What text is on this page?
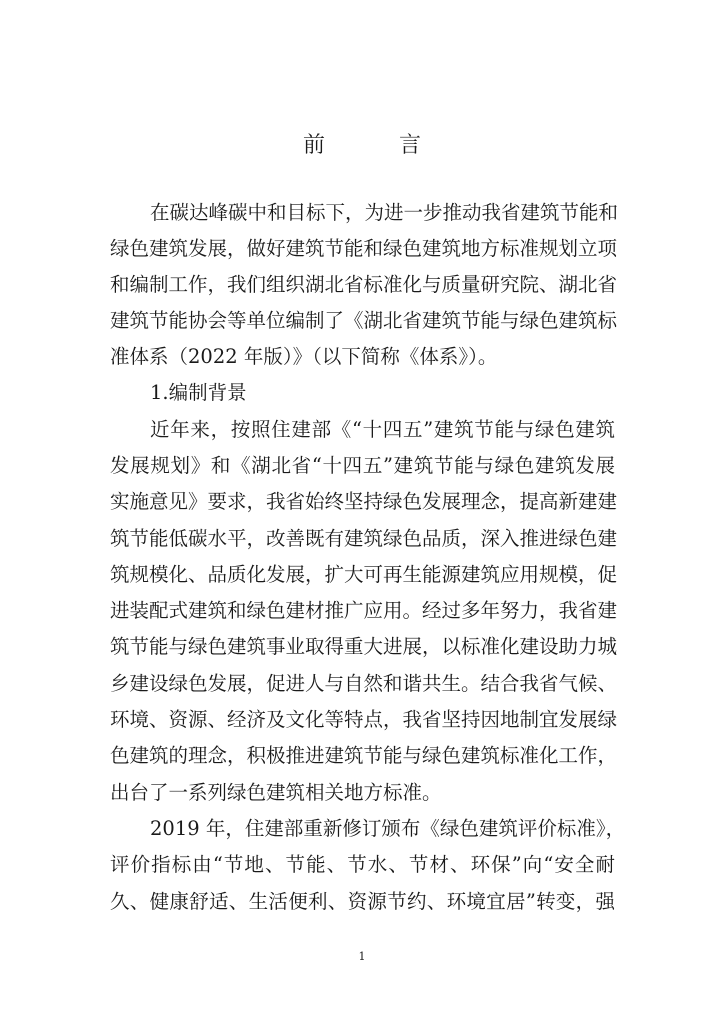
前　言
在碳达峰碳中和目标下，为进一步推动我省建筑节能和
绿色建筑发展，做好建筑节能和绿色建筑地方标准规划立项
和编制工作，我们组织湖北省标准化与质量研究院、湖北省
建筑节能协会等单位编制了《湖北省建筑节能与绿色建筑标
准体系（2022 年版）》（以下简称《体系》）。
1.编制背景
近年来，按照住建部《“十四五”建筑节能与绿色建筑
发展规划》和《湖北省“十四五”建筑节能与绿色建筑发展
实施意见》要求，我省始终坚持绿色发展理念，提高新建建
筑节能低碳水平，改善既有建筑绿色品质，深入推进绿色建
筑规模化、品质化发展，扩大可再生能源建筑应用规模，促
进装配式建筑和绿色建材推广应用。经过多年努力，我省建
筑节能与绿色建筑事业取得重大进展，以标准化建设助力城
乡建设绿色发展，促进人与自然和谐共生。结合我省气候、
环境、资源、经济及文化等特点，我省坚持因地制宜发展绿
色建筑的理念，积极推进建筑节能与绿色建筑标准化工作，
出台了一系列绿色建筑相关地方标准。
2019 年，住建部重新修订颁布《绿色建筑评价标准》，
评价指标由“节地、节能、节水、节材、环保”向“安全耐
久、健康舒适、生活便利、资源节约、环境宜居”转变，强
1
